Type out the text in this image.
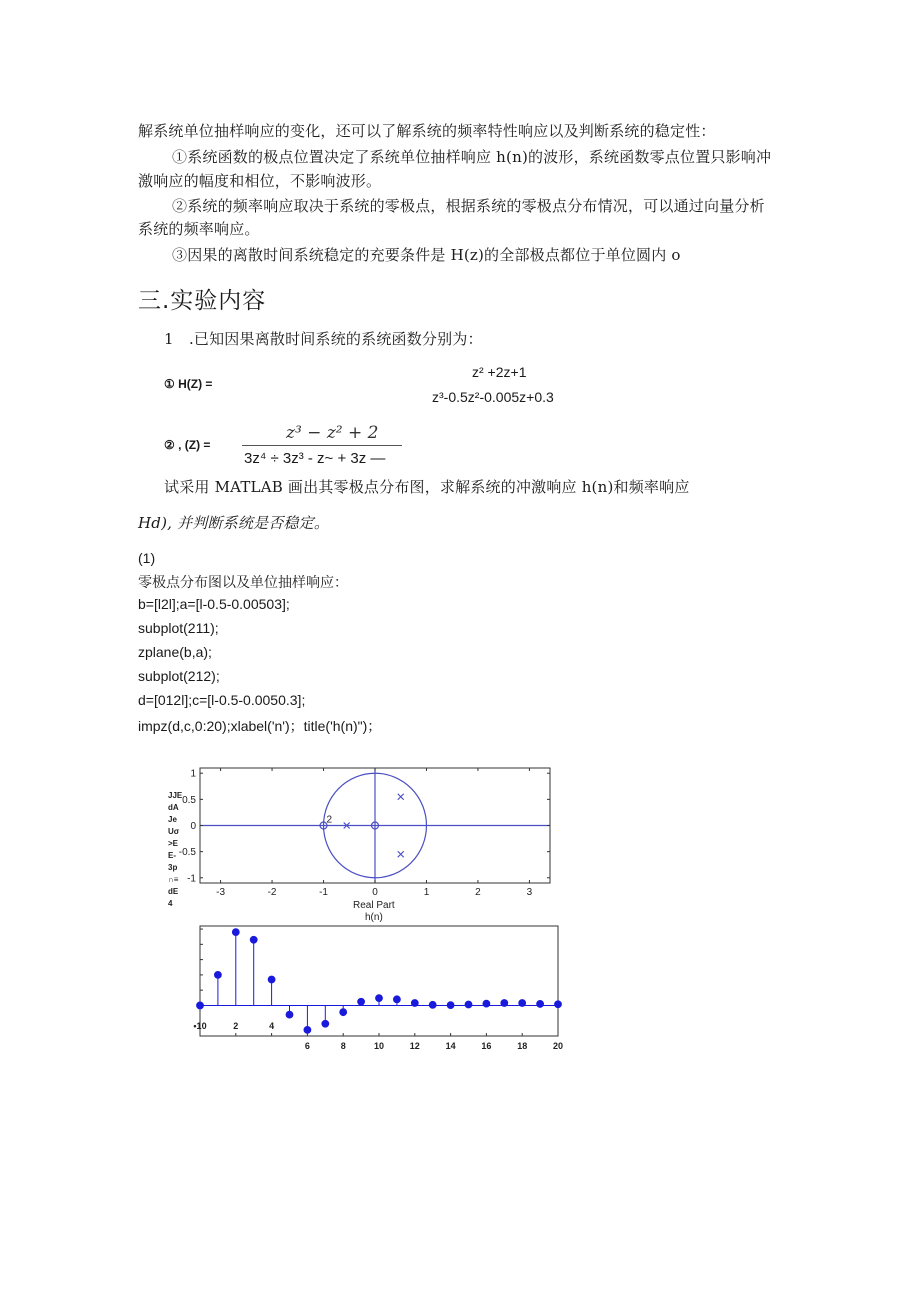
解系统单位抽样响应的变化，还可以了解系统的频率特性响应以及判断系统的稳定性：
①系统函数的极点位置决定了系统单位抽样响应 h(n)的波形，系统函数零点位置只影响冲
激响应的幅度和相位，不影响波形。
②系统的频率响应取决于系统的零极点，根据系统的零极点分布情况，可以通过向量分析
系统的频率响应。
③因果的离散时间系统稳定的充要条件是 H(z)的全部极点都位于单位圆内 o
三.实验内容
1　.已知因果离散时间系统的系统函数分别为：
① H(Z) =
z² +2z+1
z³-0.5z²-0.005z+0.3
② , (Z) =
z³ − z² + 2
3z⁴ ÷ 3z³ - z~ + 3z —
试采用 MATLAB 画出其零极点分布图，求解系统的冲激响应 h(n)和频率响应
Hd), 并判断系统是否稳定。
(1)
零极点分布图以及单位抽样响应：
b=[l2l];a=[l-0.5-0.00503];
subplot(211);
zplane(b,a);
subplot(212);
d=[012l];c=[l-0.5-0.0050.3];
impz(d,c,0:20);xlabel('n')；title('h(n)")；
JJE
dA
Je
Uσ
>E
E-
3p
∩≡
dE
4
2
-3	-2	-1	0	1	2	3
1
0.5
0
-0.5
-1
Real Part
h(n)
•10	2	4
6	8	10	12	14	16	18	20
